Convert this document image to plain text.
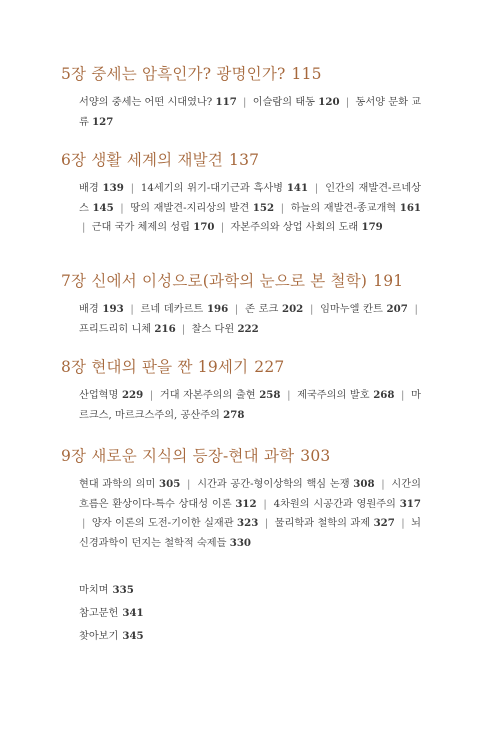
5장 중세는 암흑인가? 광명인가? 115
서양의 중세는 어떤 시대였나? 117 | 이슬람의 태동 120 | 동서양 문화 교류 127
6장 생활 세계의 재발견 137
배경 139 | 14세기의 위기-대기근과 흑사병 141 | 인간의 재발견-르네상스 145 | 땅의 재발견-지리상의 발견 152 | 하늘의 재발견-종교개혁 161 | 근대 국가 체제의 성립 170 | 자본주의와 상업 사회의 도래 179
7장 신에서 이성으로(과학의 눈으로 본 철학) 191
배경 193 | 르네 데카르트 196 | 존 로크 202 | 임마누엘 칸트 207 | 프리드리히 니체 216 | 찰스 다윈 222
8장 현대의 판을 짠 19세기 227
산업혁명 229 | 거대 자본주의의 출현 258 | 제국주의의 발호 268 | 마르크스, 마르크스주의, 공산주의 278
9장 새로운 지식의 등장-현대 과학 303
현대 과학의 의미 305 | 시간과 공간-형이상학의 핵심 논쟁 308 | 시간의 흐름은 환상이다-특수 상대성 이론 312 | 4차원의 시공간과 영원주의 317 | 양자 이론의 도전-기이한 실재관 323 | 물리학과 철학의 과제 327 | 뇌신경과학이 던지는 철학적 숙제들 330
마치며 335
참고문헌 341
찾아보기 345
